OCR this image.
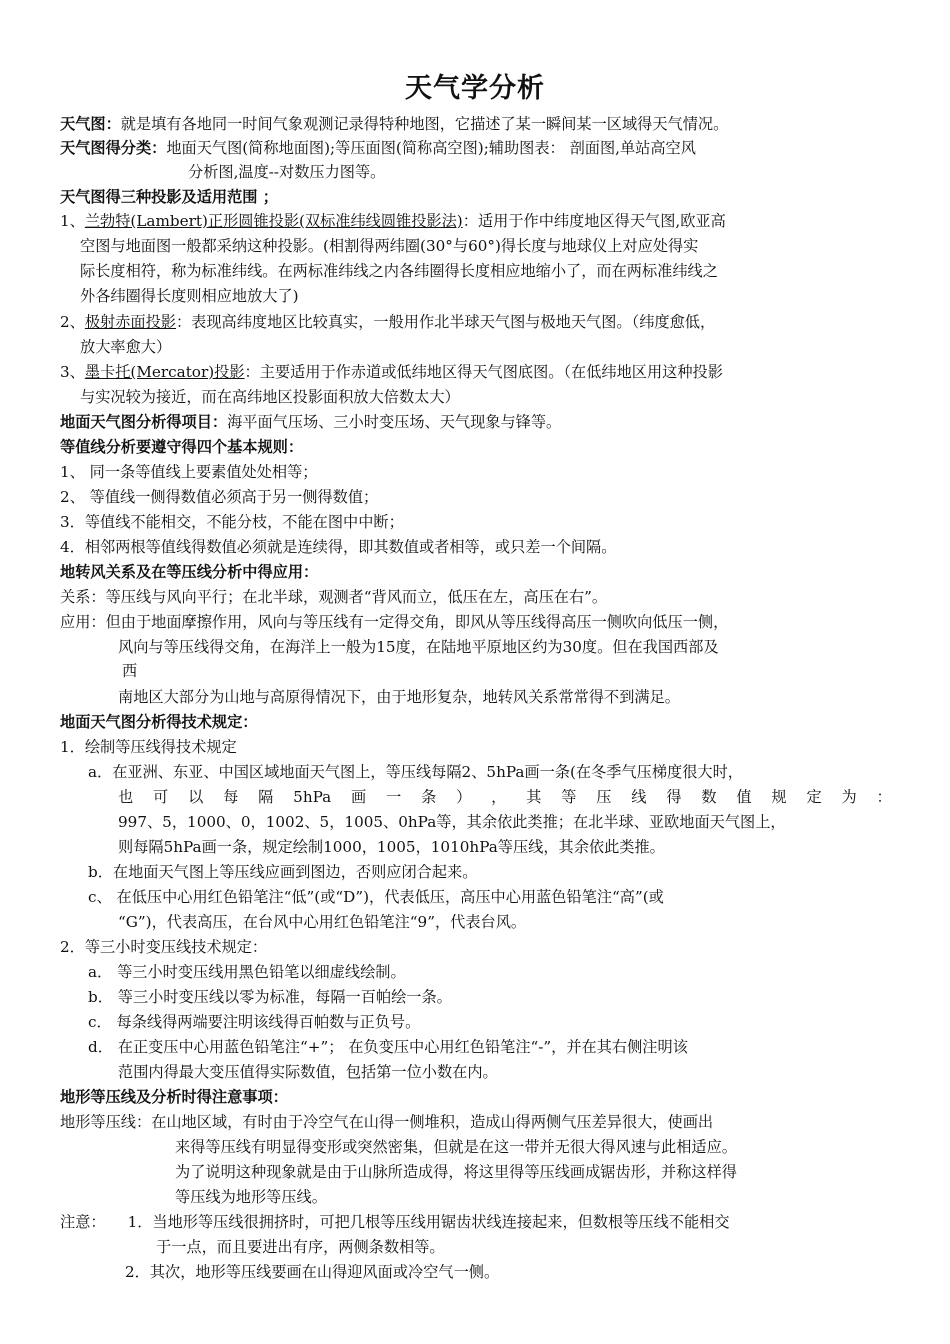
天气学分析
天气图：就是填有各地同一时间气象观测记录得特种地图，它描述了某一瞬间某一区域得天气情况。
天气图得分类：地面天气图(简称地面图);等压面图(简称高空图);辅助图表： 剖面图,单站高空风
分析图,温度--对数压力图等。
天气图得三种投影及适用范围 ；
1、兰勃特(Lambert)正形圆锥投影(双标准纬线圆锥投影法)：适用于作中纬度地区得天气图,欧亚高
空图与地面图一般都采纳这种投影。(相割得两纬圈(30°与60°)得长度与地球仪上对应处得实
际长度相符，称为标准纬线。在两标准纬线之内各纬圈得长度相应地缩小了，而在两标准纬线之
外各纬圈得长度则相应地放大了)
2、极射赤面投影：表现高纬度地区比较真实，一般用作北半球天气图与极地天气图。（纬度愈低，
放大率愈大）
3、墨卡托(Mercator)投影：主要适用于作赤道或低纬地区得天气图底图。（在低纬地区用这种投影
与实况较为接近，而在高纬地区投影面积放大倍数太大）
地面天气图分析得项目：海平面气压场、三小时变压场、天气现象与锋等。
等值线分析要遵守得四个基本规则：
1、 同一条等值线上要素值处处相等；
2、 等值线一侧得数值必须高于另一侧得数值；
3．等值线不能相交，不能分枝，不能在图中中断；
4．相邻两根等值线得数值必须就是连续得，即其数值或者相等，或只差一个间隔。
地转风关系及在等压线分析中得应用：
关系：等压线与风向平行；在北半球，观测者“背风而立，低压在左，高压在右”。
应用：但由于地面摩擦作用，风向与等压线有一定得交角，即风从等压线得高压一侧吹向低压一侧，
风向与等压线得交角，在海洋上一般为15度，在陆地平原地区约为30度。但在我国西部及
西
南地区大部分为山地与高原得情况下，由于地形复杂，地转风关系常常得不到满足。
地面天气图分析得技术规定：
1．绘制等压线得技术规定
a．在亚洲、东亚、中国区域地面天气图上，等压线每隔2、5hPa画一条(在冬季气压梯度很大时，
也 可 以 每 隔 5hPa 画 一 条 ） ， 其 等 压 线 得 数 值 规 定 为 ：
997、5，1000、0，1002、5，1005、0hPa等，其余依此类推；在北半球、亚欧地面天气图上，
则每隔5hPa画一条，规定绘制1000，1005，1010hPa等压线，其余依此类推。
b．在地面天气图上等压线应画到图边，否则应闭合起来。
c、 在低压中心用红色铅笔注“低”(或“D”)，代表低压，高压中心用蓝色铅笔注“高”(或
“G”)，代表高压，在台风中心用红色铅笔注“9”，代表台风。
2．等三小时变压线技术规定：
a． 等三小时变压线用黑色铅笔以细虚线绘制。
b． 等三小时变压线以零为标准，每隔一百帕绘一条。
c． 每条线得两端要注明该线得百帕数与正负号。
d． 在正变压中心用蓝色铅笔注“+”； 在负变压中心用红色铅笔注“-”，并在其右侧注明该
范围内得最大变压值得实际数值，包括第一位小数在内。
地形等压线及分析时得注意事项：
地形等压线：在山地区域，有时由于冷空气在山得一侧堆积，造成山得两侧气压差异很大，使画出
来得等压线有明显得变形或突然密集，但就是在这一带并无很大得风速与此相适应。
为了说明这种现象就是由于山脉所造成得，将这里得等压线画成锯齿形，并称这样得
等压线为地形等压线。
注意： 1．当地形等压线很拥挤时，可把几根等压线用锯齿状线连接起来，但数根等压线不能相交
于一点，而且要进出有序，两侧条数相等。
2．其次，地形等压线要画在山得迎风面或冷空气一侧。
